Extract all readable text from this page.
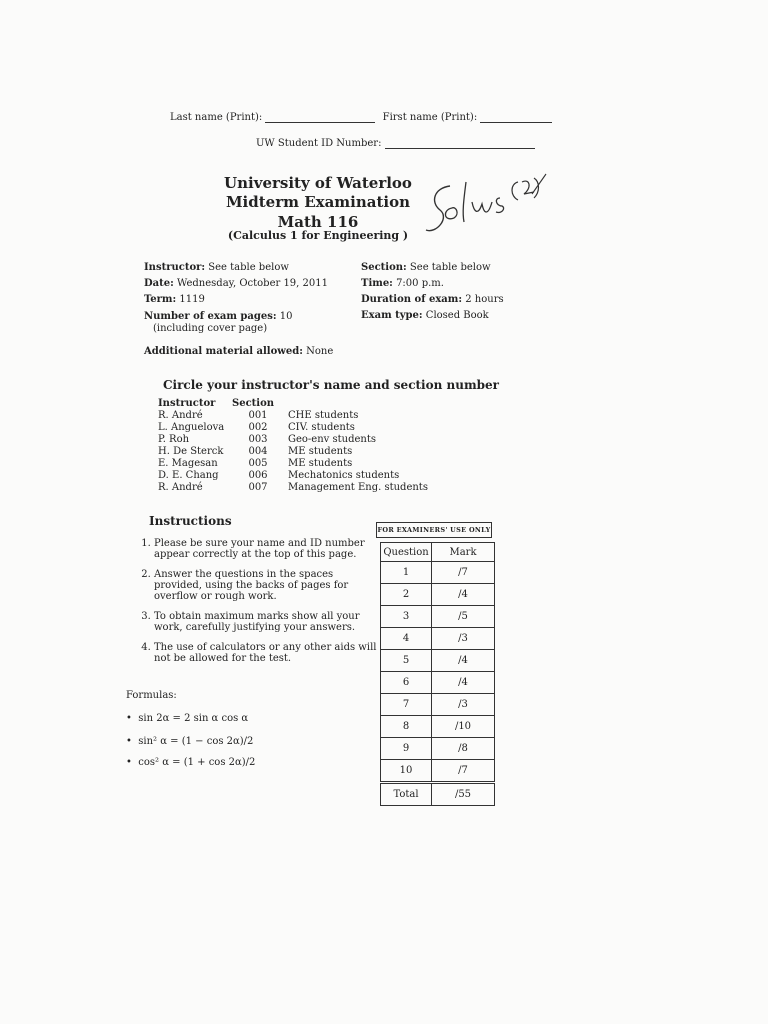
Last name (Print):	First name (Print):
UW Student ID Number:
University of Waterloo
Midterm Examination
Math 116
(Calculus 1 for Engineering )
Instructor: See table below
Date: Wednesday, October 19, 2011
Term: 1119
Number of exam pages: 10
(including cover page)
Section: See table below
Time: 7:00 p.m.
Duration of exam: 2 hours
Exam type: Closed Book
Additional material allowed: None
Circle your instructor's name and section number
Instructor	Section	
R. André	001	CHE students
L. Anguelova	002	CIV. students
P. Roh	003	Geo-env students
H. De Sterck	004	ME students
E. Magesan	005	ME students
D. E. Chang	006	Mechatonics students
R. André	007	Management Eng. students
Instructions
1. Please be sure your name and ID number appear correctly at the top of this page.
2. Answer the questions in the spaces provided, using the backs of pages for overflow or rough work.
3. To obtain maximum marks show all your work, carefully justifying your answers.
4. The use of calculators or any other aids will not be allowed for the test.
Formulas:
•  sin 2α = 2 sin α cos α
•  sin² α = (1 − cos 2α)/2
•  cos² α = (1 + cos 2α)/2
FOR EXAMINERS' USE ONLY
Question	Mark
1	/7
2	/4
3	/5
4	/3
5	/4
6	/4
7	/3
8	/10
9	/8
10	/7
Total	/55
